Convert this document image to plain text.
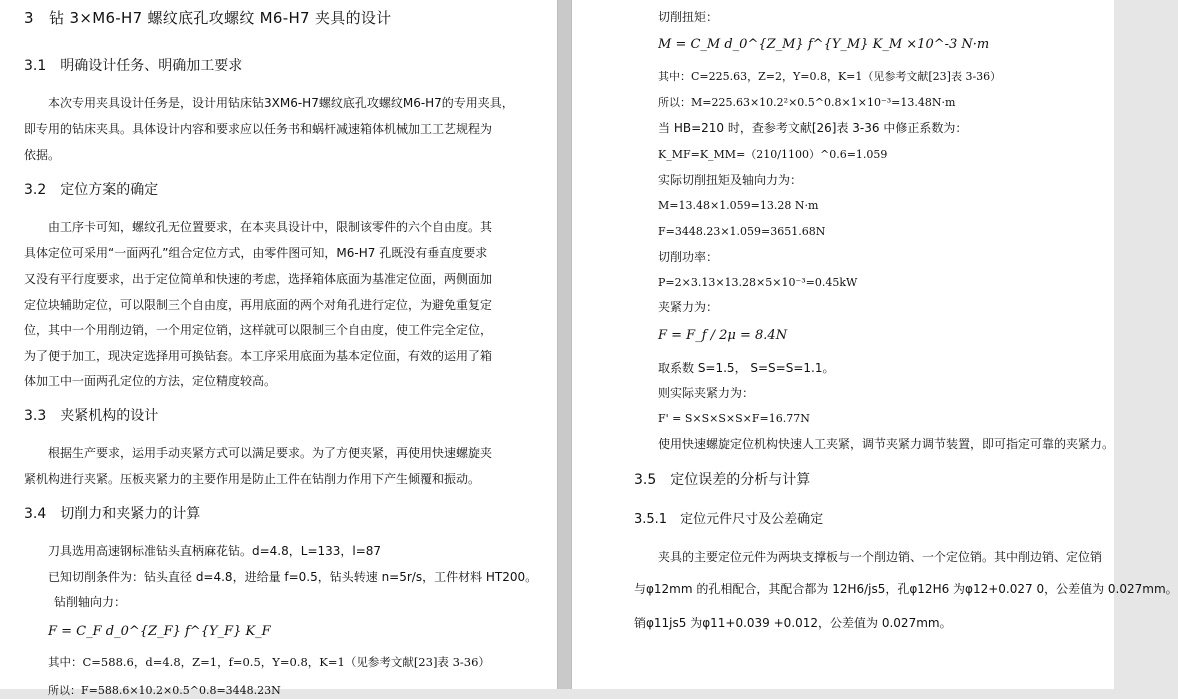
3　钻 3×M6-H7 螺纹底孔攻螺纹 M6-H7 夹具的设计
3.1　明确设计任务、明确加工要求
本次专用夹具设计任务是，设计用钻床钻3XM6-H7螺纹底孔攻螺纹M6-H7的专用夹具，
即专用的钻床夹具。具体设计内容和要求应以任务书和蜗杆减速箱体机械加工工艺规程为
依据。
3.2　定位方案的确定
由工序卡可知，螺纹孔无位置要求，在本夹具设计中，限制该零件的六个自由度。其
具体定位可采用“一面两孔”组合定位方式，由零件图可知，M6-H7 孔既没有垂直度要求
又没有平行度要求，出于定位简单和快速的考虑，选择箱体底面为基准定位面，两侧面加
定位块辅助定位，可以限制三个自由度，再用底面的两个对角孔进行定位，为避免重复定
位，其中一个用削边销，一个用定位销，这样就可以限制三个自由度，使工件完全定位，
为了便于加工，现决定选择用可换钻套。本工序采用底面为基本定位面，有效的运用了箱
体加工中一面两孔定位的方法，定位精度较高。
3.3　夹紧机构的设计
根据生产要求，运用手动夹紧方式可以满足要求。为了方便夹紧，再使用快速螺旋夹
紧机构进行夹紧。压板夹紧力的主要作用是防止工件在钻削力作用下产生倾覆和振动。
3.4　切削力和夹紧力的计算
刀具选用高速钢标准钻头直柄麻花钻。d=4.8，L=133，l=87
已知切削条件为：钻头直径 d=4.8，进给量 f=0.5，钻头转速 n=5r/s，工件材料 HT200。
钻削轴向力：
F = C_F d_0^{Z_F} f^{Y_F} K_F
其中：C=588.6，d=4.8，Z=1，f=0.5，Y=0.8，K=1（见参考文献[23]表 3-36）
所以：F=588.6×10.2×0.5^0.8=3448.23N
切削扭矩：
M = C_M d_0^{Z_M} f^{Y_M} K_M ×10^-3 N·m
其中：C=225.63，Z=2，Y=0.8，K=1（见参考文献[23]表 3-36）
所以：M=225.63×10.2²×0.5^0.8×1×10⁻³=13.48N·m
当 HB=210 时，查参考文献[26]表 3-36 中修正系数为：
K_MF=K_MM=（210/1100）^0.6=1.059
实际切削扭矩及轴向力为：
M=13.48×1.059=13.28 N·m
F=3448.23×1.059=3651.68N
切削功率：
P=2×3.13×13.28×5×10⁻³=0.45kW
夹紧力为：
F = F_f / 2μ = 8.4N
取系数 S=1.5， S=S=S=1.1。
则实际夹紧力为：
F' = S×S×S×S×F=16.77N
使用快速螺旋定位机构快速人工夹紧，调节夹紧力调节装置，即可指定可靠的夹紧力。
3.5　定位误差的分析与计算
3.5.1　定位元件尺寸及公差确定
夹具的主要定位元件为两块支撑板与一个削边销、一个定位销。其中削边销、定位销
与φ12mm 的孔相配合，其配合都为 12H6/js5，孔φ12H6 为φ12+0.027 0，公差值为 0.027mm。
销φ11js5 为φ11+0.039 +0.012，公差值为 0.027mm。
